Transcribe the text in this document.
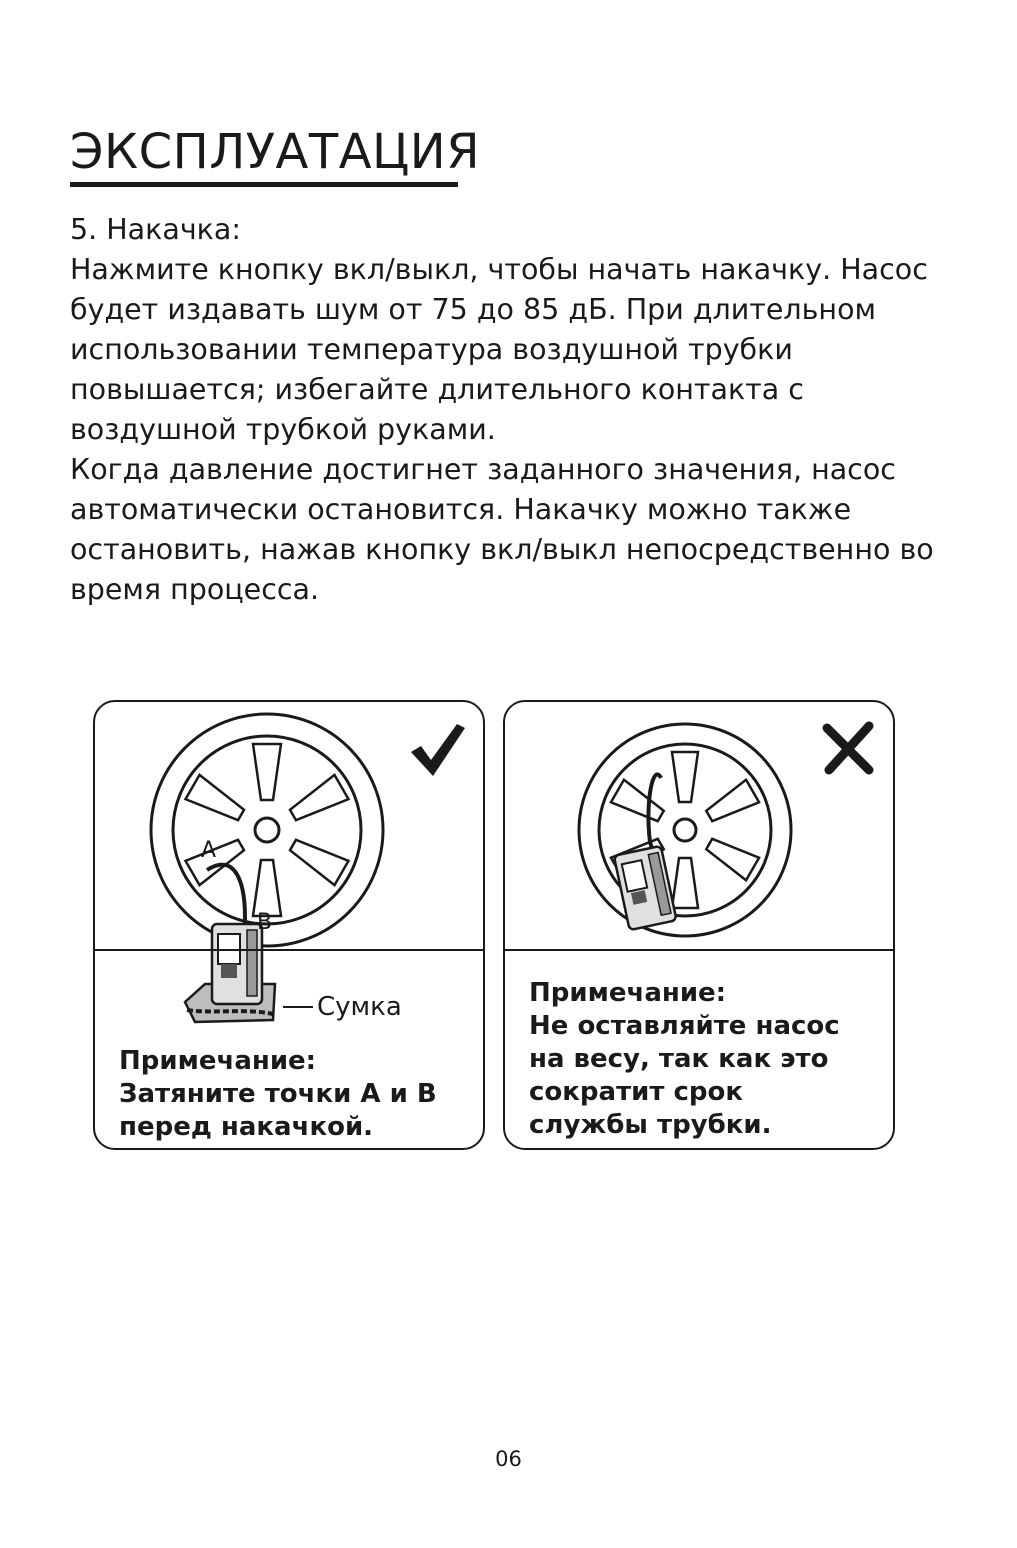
ЭКСПЛУАТАЦИЯ

5. Накачка:

Нажмите кнопку вкл/выкл, чтобы начать накачку. Насос будет издавать шум от 75 до 85 дБ. При длительном использовании температура воздушной трубки повышается; избегайте длительного контакта с воздушной трубкой руками.

Когда давление достигнет заданного значения, насос автоматически остановится. Накачку можно также остановить, нажав кнопку вкл/выкл непосредственно во время процесса.

A
B
Сумка
Примечание:
Затяните точки A и B
перед накачкой.
Примечание:
Не оставляйте насос
на весу, так как это
сократит срок
службы трубки.
06
